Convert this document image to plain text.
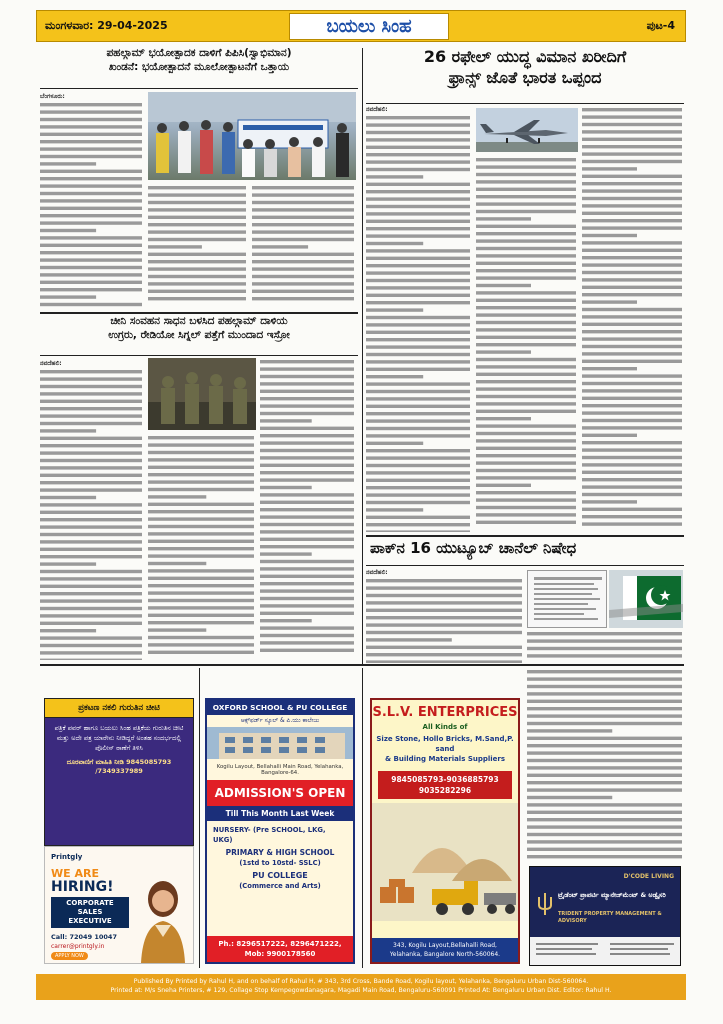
ಮಂಗಳವಾರ: 29-04-2025	ಬಯಲು ಸಿಂಹ	ಪುಟ-4
ಪಹಲ್ಗಾಮ್ ಭಯೋತ್ಪಾದಕ ದಾಳಿಗೆ ಪಿಪಿಸಿ(ಸ್ವಾಭಿಮಾನ)
ಖಂಡನೆ: ಭಯೋತ್ಪಾದನೆ ಮೂಲೋತ್ಪಾಟನೆಗೆ ಒತ್ತಾಯ
ಬೆಂಗಳೂರು:
ಚೀನಿ ಸಂವಹನ ಸಾಧನ ಬಳಸಿದ ಪಹಲ್ಗಾಮ್ ದಾಳಿಯ
ಉಗ್ರರು, ರೇಡಿಯೋ ಸಿಗ್ನಲ್ ಪತ್ತೆಗೆ ಮುಂದಾದ ಇಸ್ರೋ
ನವದೆಹಲಿ:
26 ರಫೇಲ್ ಯುದ್ಧ ವಿಮಾನ ಖರೀದಿಗೆ
ಫ್ರಾನ್ಸ್ ಜೊತೆ ಭಾರತ ಒಪ್ಪಂದ
ನವದೆಹಲಿ:
ಪಾಕ್‌ನ 16 ಯುಟ್ಯೂಬ್ ಚಾನೆಲ್ ನಿಷೇಧ
ನವದೆಹಲಿ:
ಪ್ರಕಟಣ ನಕಲಿ ಗುರುತಿನ ಚೀಟಿ
ಪತ್ರಿಕೆ ಪವರ್ ಹಾಗೂ ಬಯಲು ಸಿಂಹ ಪತ್ರಿಕೆಯ ಗುರುತಿನ ಚೀಟಿ ಮತ್ತು ಅದೇ ಪತ್ರ ಯಾರೇನು ನೀಡಿದ್ದರೆ ಅಂತಹ ಸಂದರ್ಭದಲ್ಲಿ ಪೊಲೀಸ್ ಠಾಣೆಗೆ ತಿಳಿಸಿ
ದೂರವಾಣಿಗೆ ಮಾಹಿತಿ ನೀಡಿ 9845085793 /7349337989
Printgly
WE ARE
HIRING!
CORPORATE
SALES
EXECUTIVE
Call: 72049 10047
carrer@printgly.in
APPLY NOW
OXFORD SCHOOL & PU COLLEGE
ಆಕ್ಸ್‌ಫರ್ಡ್ ಸ್ಕೂಲ್ & ಪಿ.ಯು ಕಾಲೇಜು
Kogilu Layout, Bellahalli Main Road, Yelahanka, Bangalore-64.
ADMISSION'S OPEN
Till This Month Last Week
NURSERY- (Pre SCHOOL, LKG, UKG)
PRIMARY & HIGH SCHOOL
(1std to 10std- SSLC)
PU COLLEGE
(Commerce and Arts)
Ph.: 8296517222, 8296471222,
Mob: 9900178560
S.L.V. ENTERPRICES
All Kinds of
Size Stone, Hollo Bricks, M.Sand,P. sand
& Building Materials Suppliers
9845085793-9036885793
9035282296
343, Kogilu Layout,Bellahalli Road,
Yelahanka, Bangalore North-560064.
D'CODE LIVING
ಟ್ರೈಡೆಂಟ್ ಪ್ರಾಪರ್ಟಿ ಮ್ಯಾನೇಜ್‌ಮೆಂಟ್ & ಅಡ್ವೈಸರಿ
TRIDENT PROPERTY MANAGEMENT & ADVISORY
Published By Printed by Rahul H, and on behalf of Rahul H, # 343, 3rd Cross, Bande Road, Kogilu layout, Yelahanka, Bengaluru Urban Dist-560064.
Printed at: M/s Sneha Printers, # 129, Collage Stop Kempegowdanagara, Magadi Main Road, Bengaluru-560091 Printed At: Bengaluru Urban Dist. Editor: Rahul H.
